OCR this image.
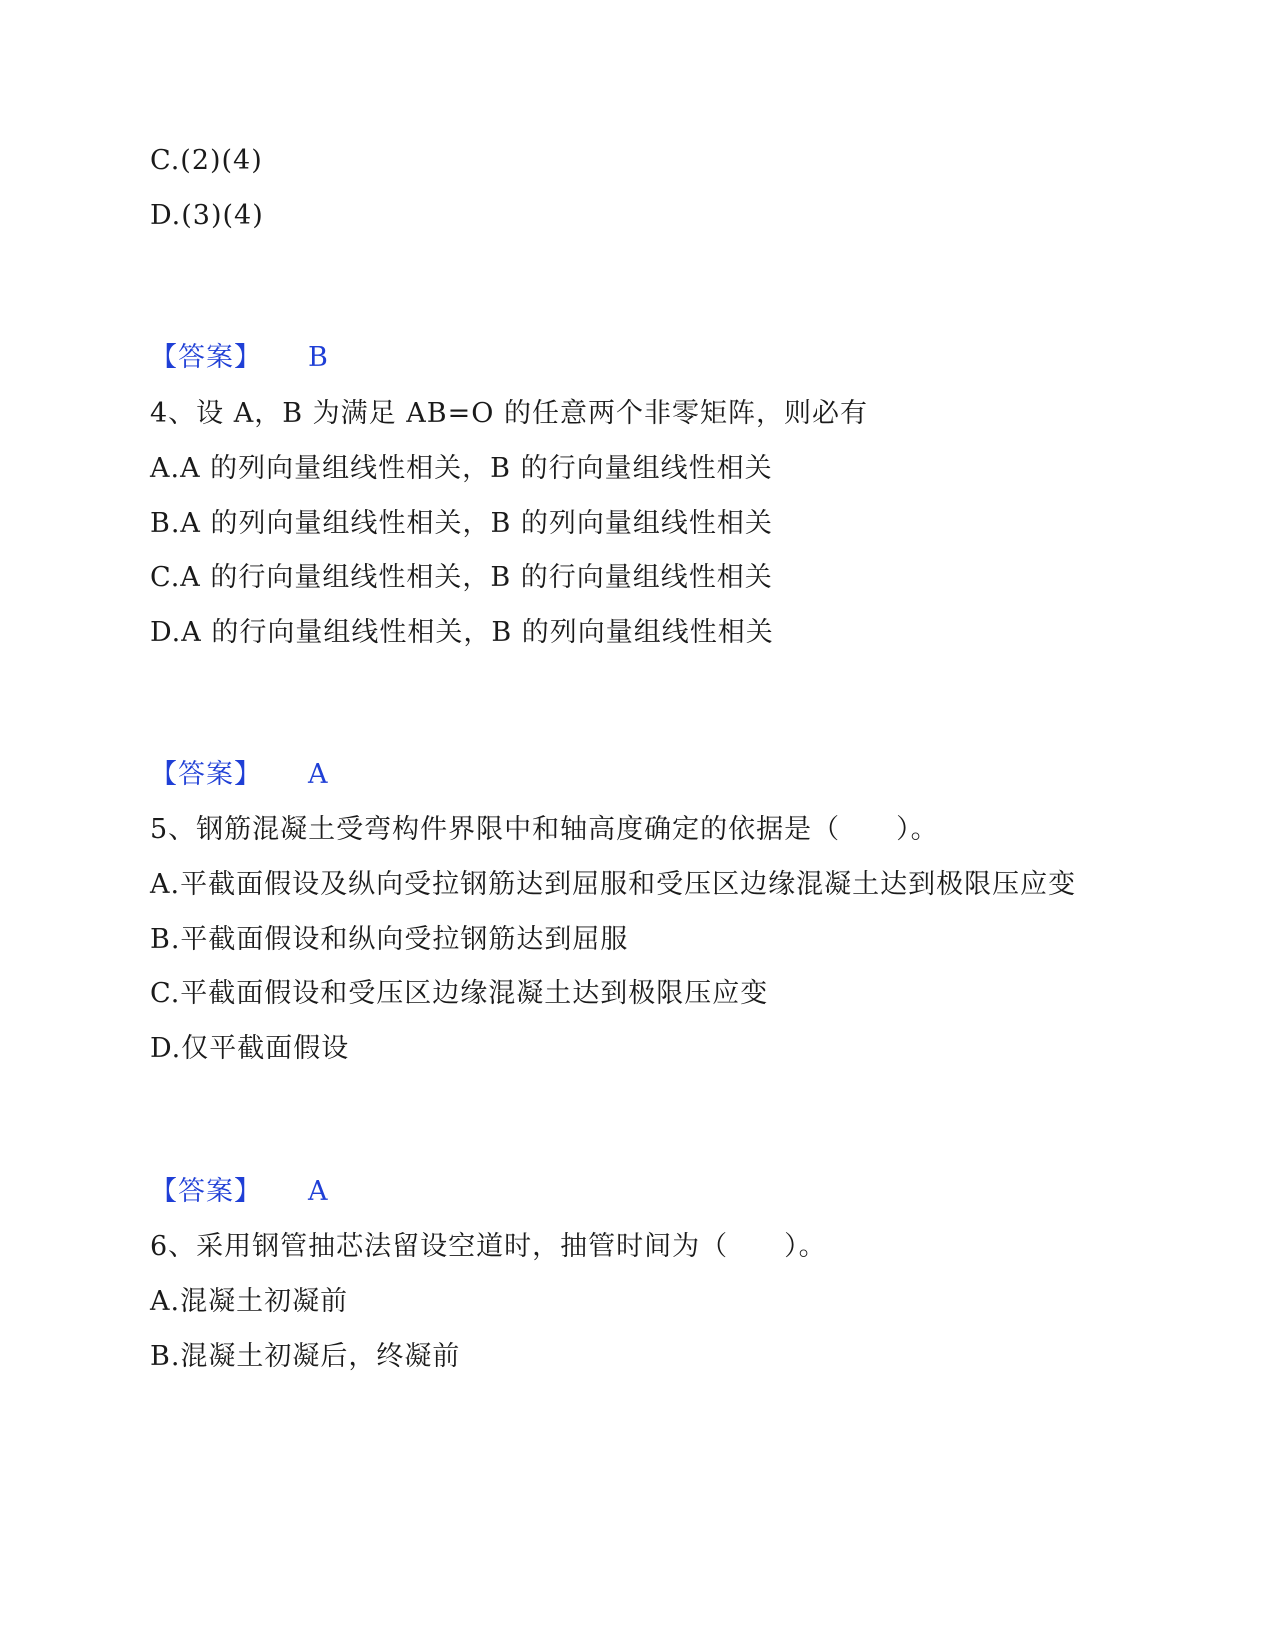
C.(2)(4)
D.(3)(4)
【答案】 B
4、设 A，B 为满足 AB=O 的任意两个非零矩阵，则必有
A.A 的列向量组线性相关，B 的行向量组线性相关
B.A 的列向量组线性相关，B 的列向量组线性相关
C.A 的行向量组线性相关，B 的行向量组线性相关
D.A 的行向量组线性相关，B 的列向量组线性相关
【答案】 A
5、钢筋混凝土受弯构件界限中和轴高度确定的依据是（　　）。
A.平截面假设及纵向受拉钢筋达到屈服和受压区边缘混凝土达到极限压应变
B.平截面假设和纵向受拉钢筋达到屈服
C.平截面假设和受压区边缘混凝土达到极限压应变
D.仅平截面假设
【答案】 A
6、采用钢管抽芯法留设空道时，抽管时间为（　　）。
A.混凝土初凝前
B.混凝土初凝后，终凝前
